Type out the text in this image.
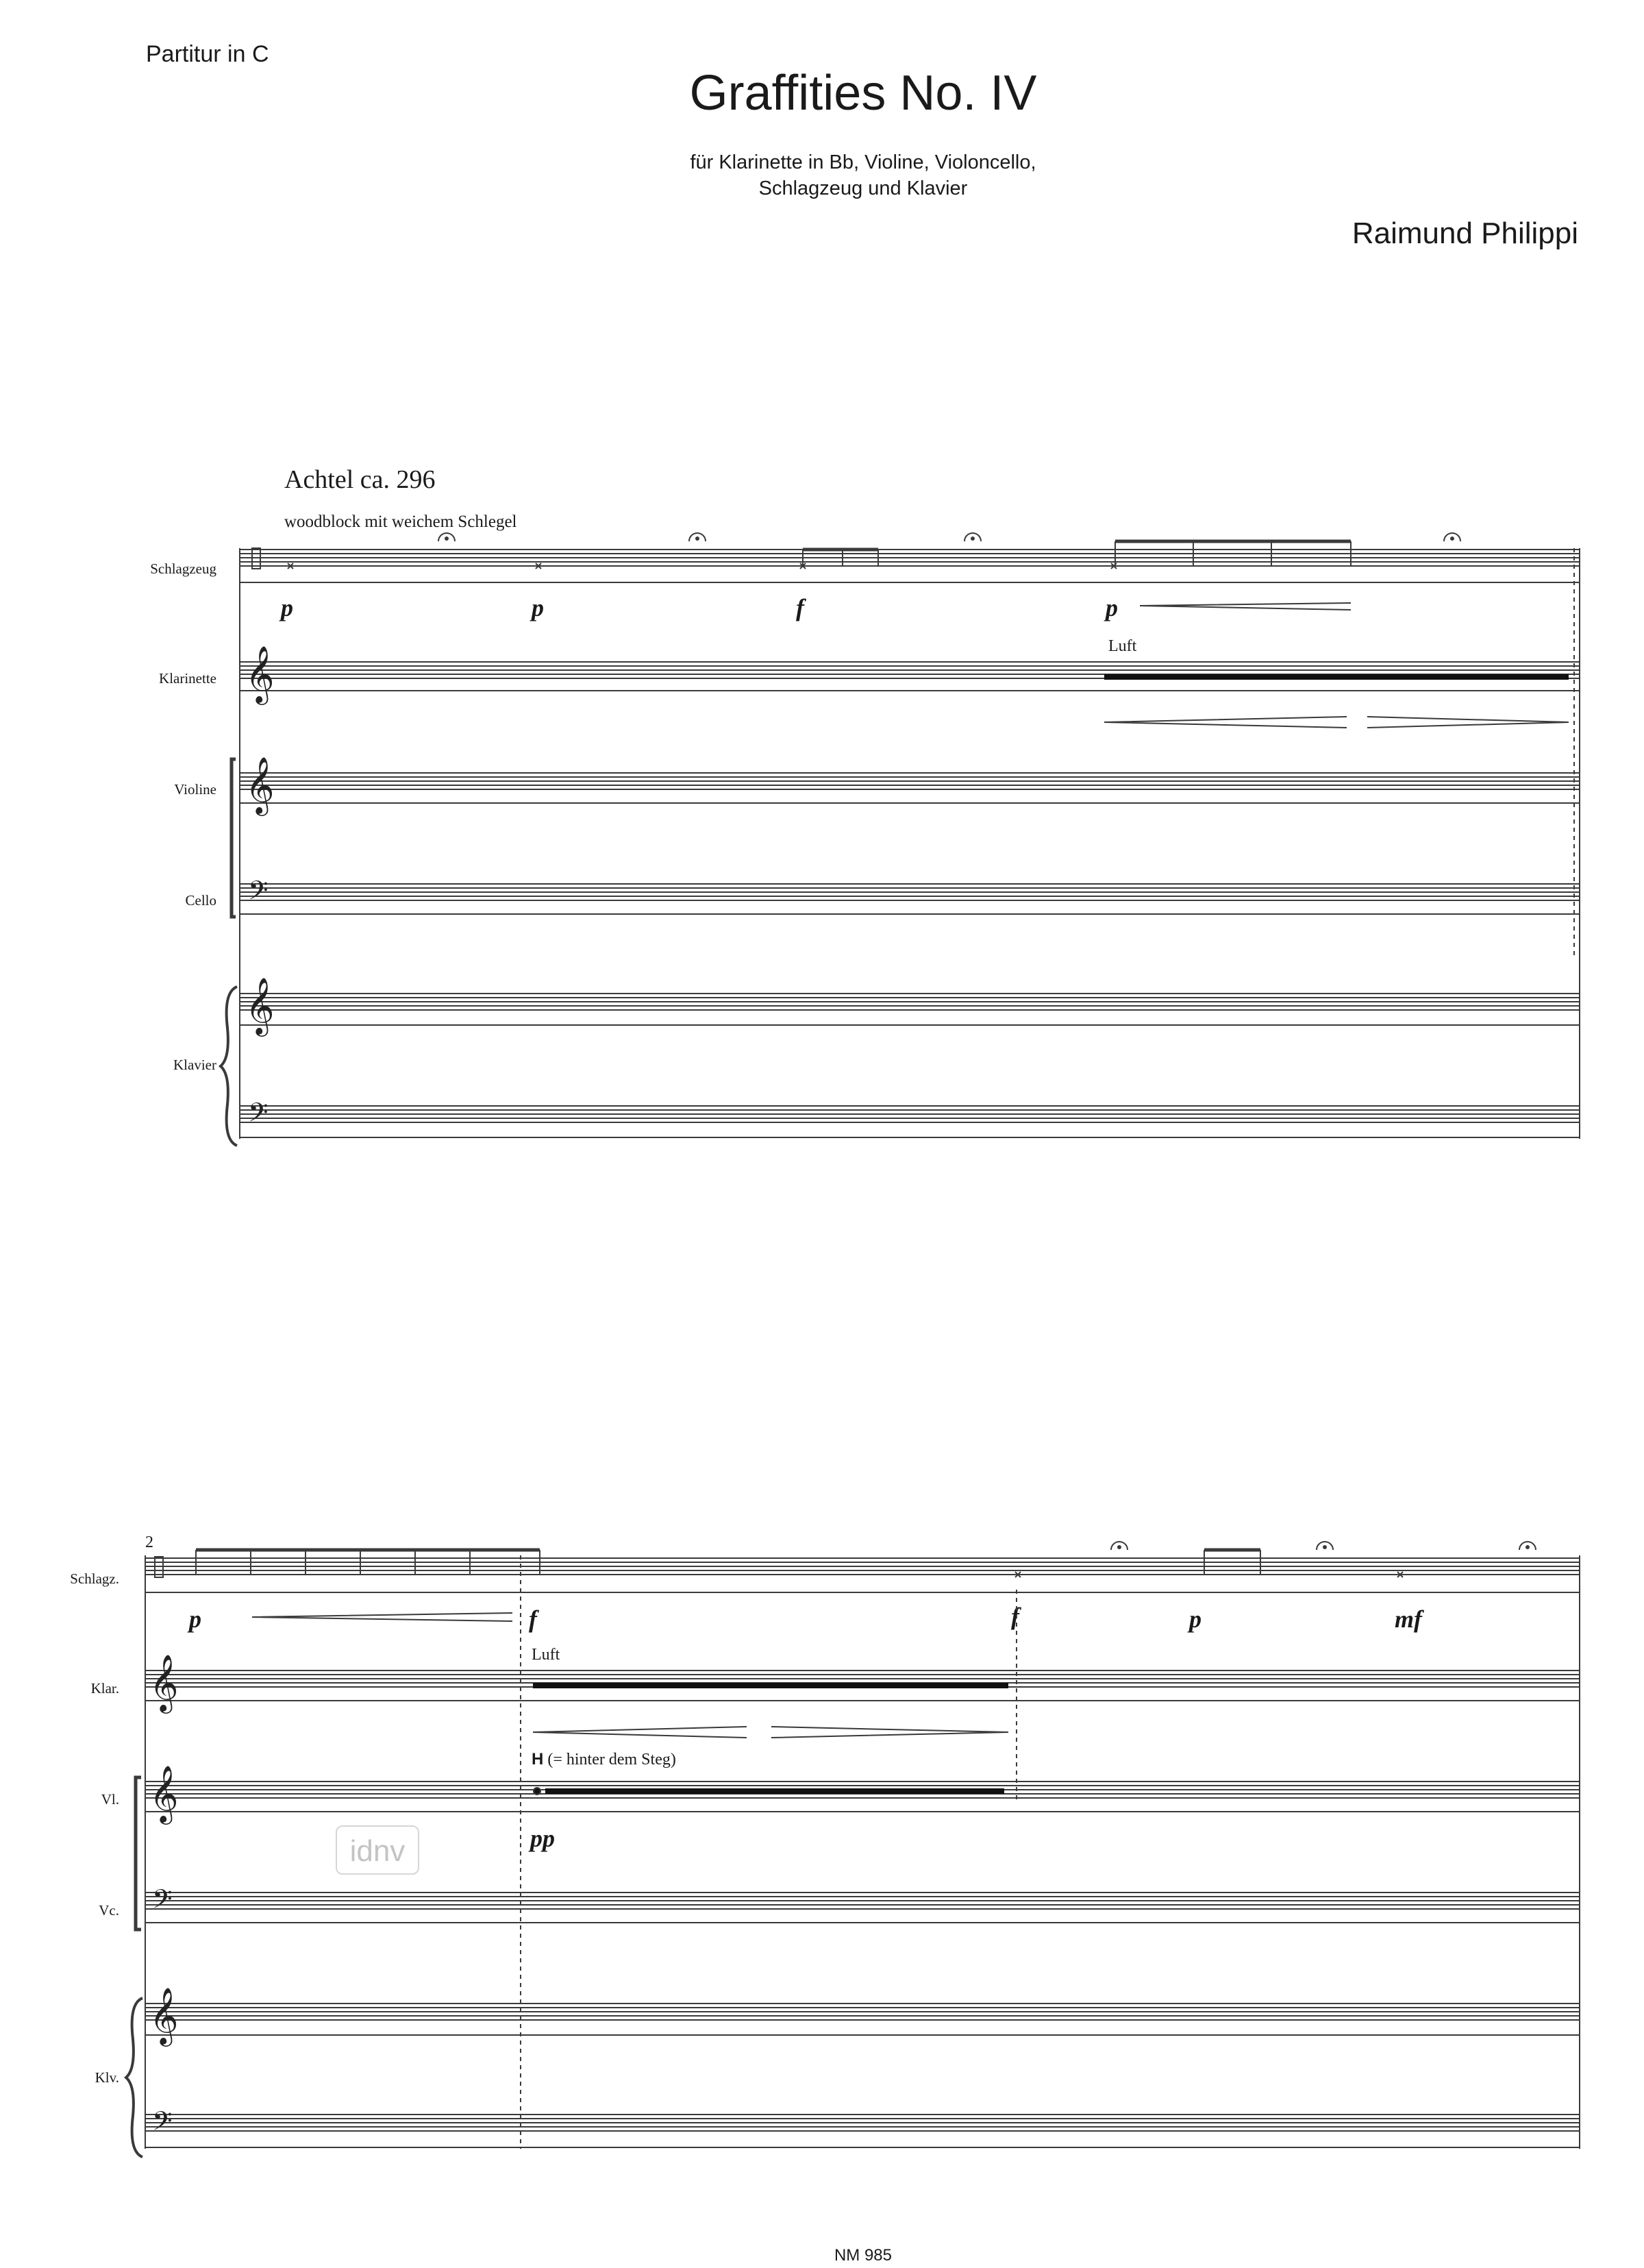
Partitur in C
Graffities No. IV
für Klarinette in Bb, Violine, Violoncello,
Schlagzeug und Klavier
Raimund Philippi
Achtel ca. 296
woodblock mit weichem Schlegel
Schlagzeug
Klarinette
Violine
Cello
Klavier
p	p	f	p
Luft
2
Schlagz.
Klar.
Vl.
Vc.
Klv.
p	f	f	p	mf
Luft
H (= hinter dem Steg)
pp
idnv
NM 985
𝄞
𝄞
𝄢
𝄞
𝄢
𝄞
𝄞
𝄢
𝄞
𝄢
